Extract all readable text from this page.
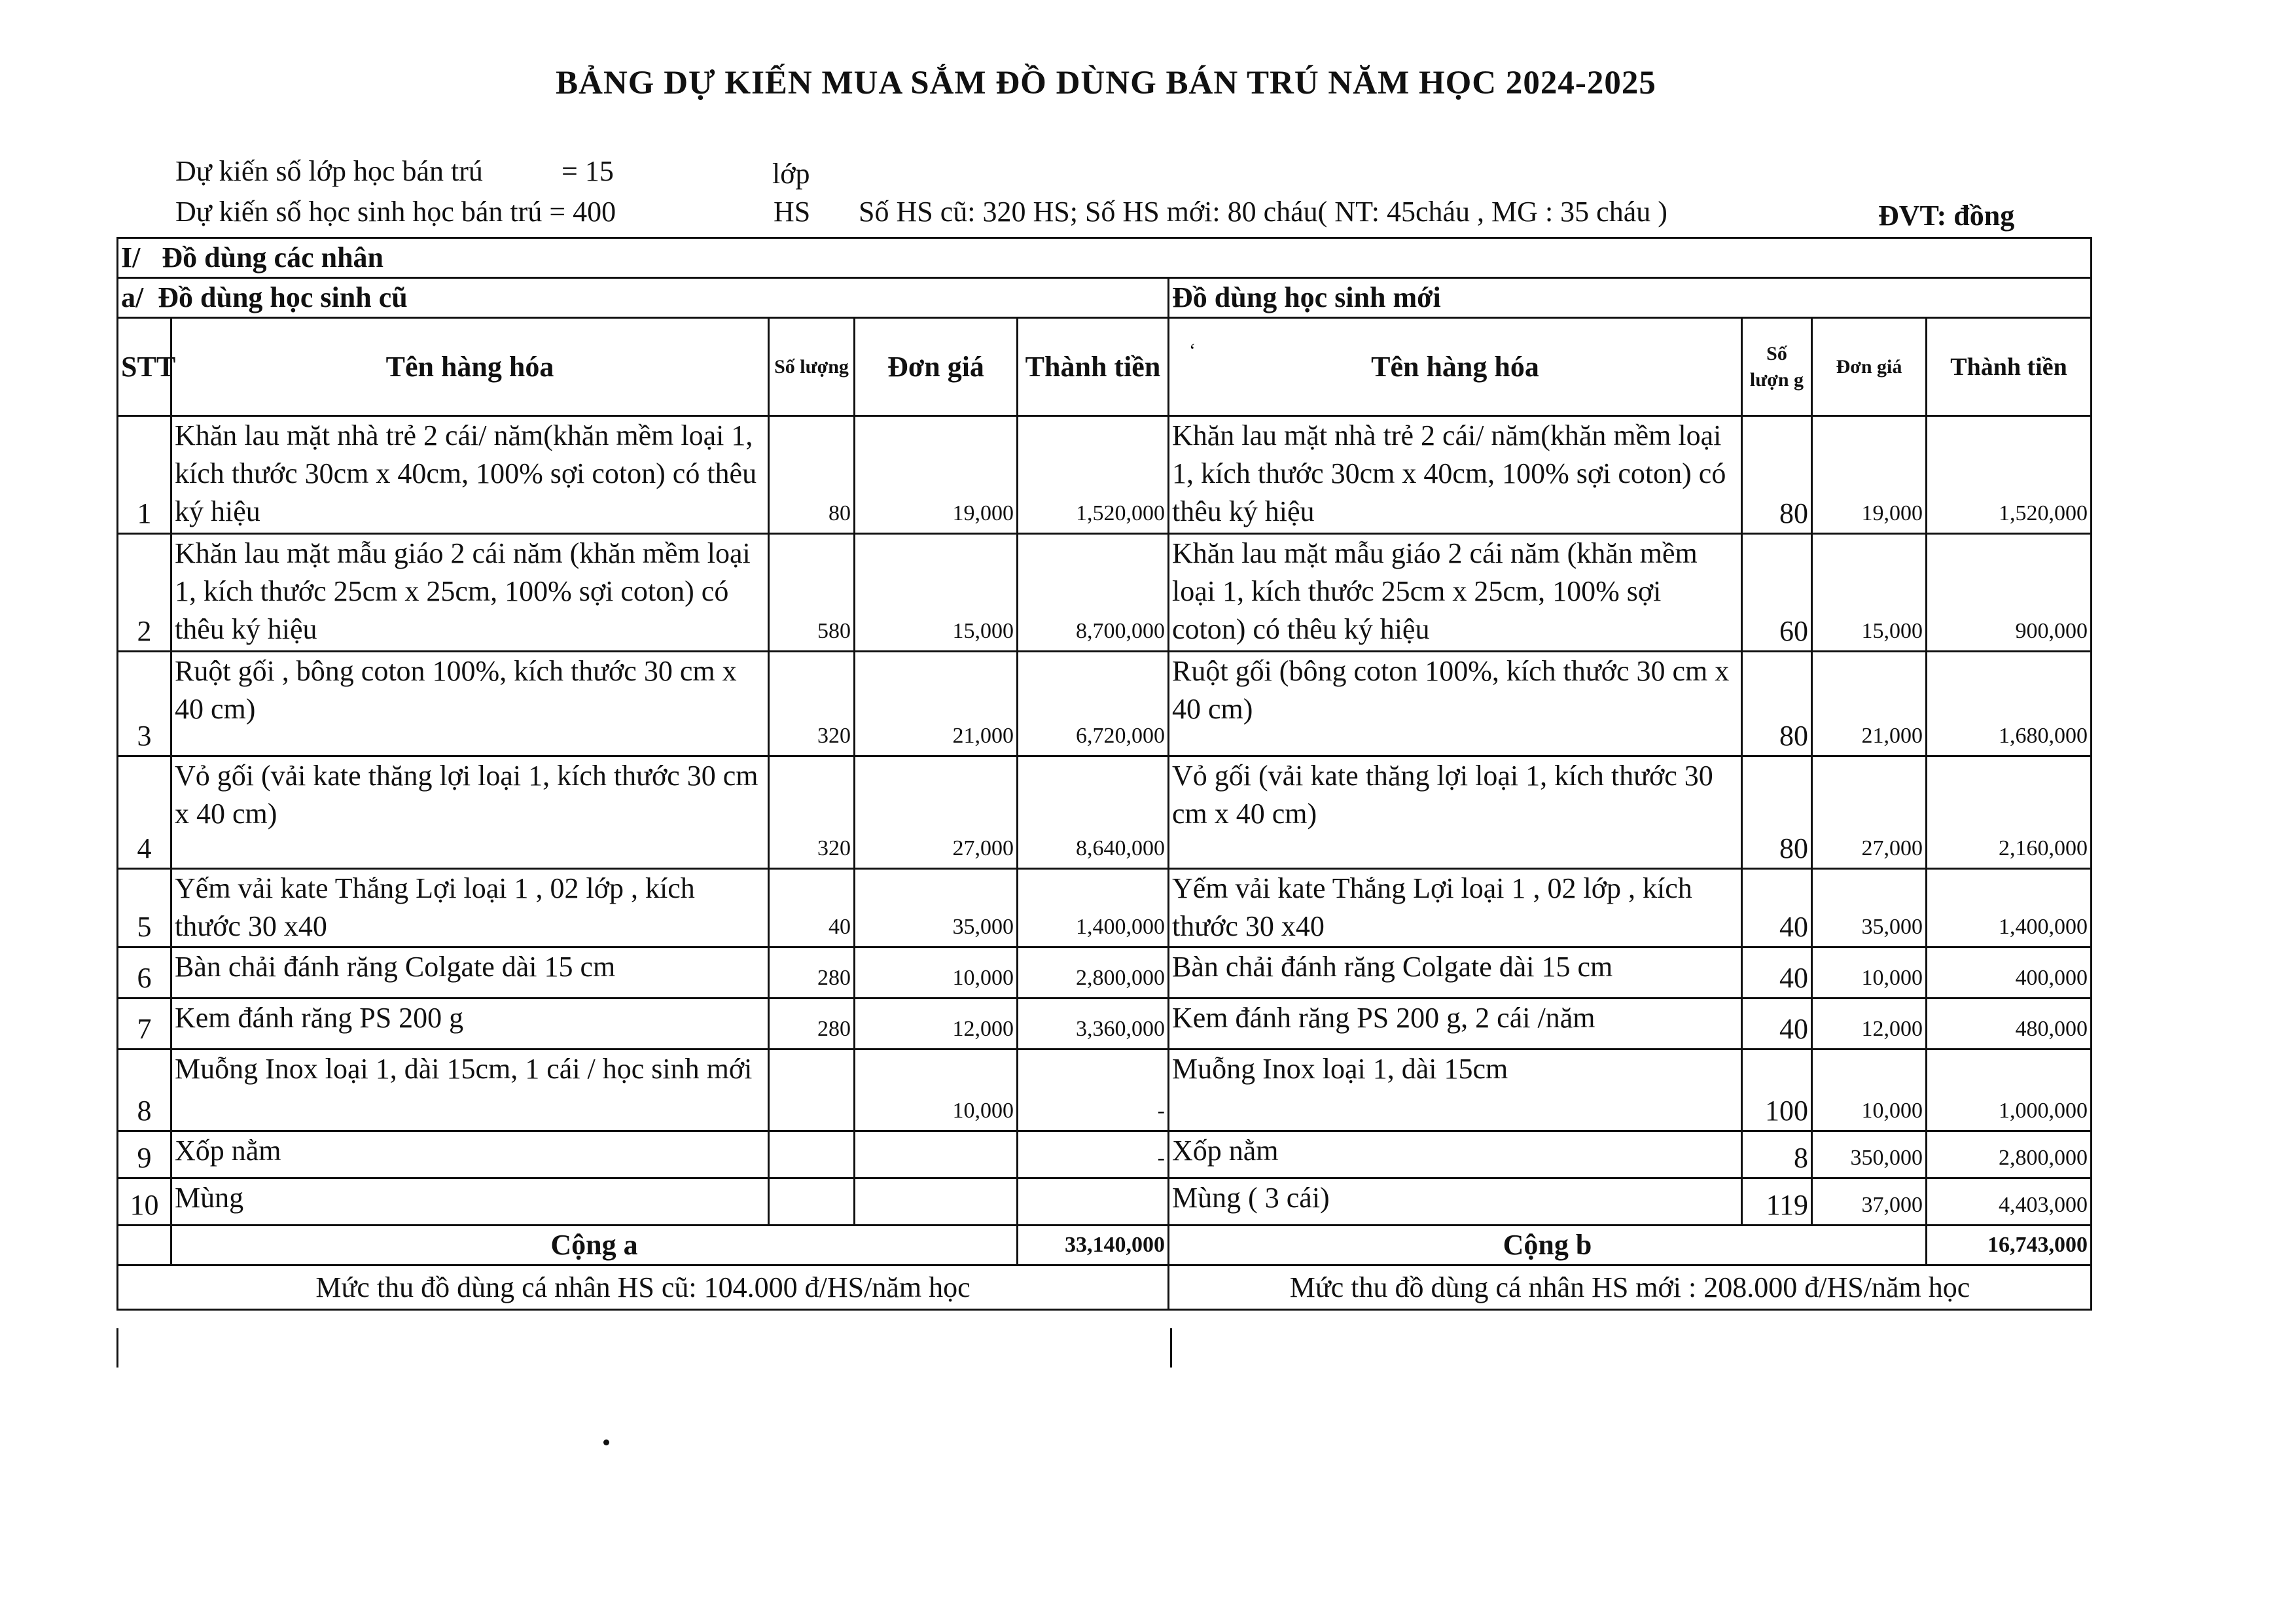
BẢNG DỰ KIẾN MUA SẮM ĐỒ DÙNG BÁN TRÚ NĂM HỌC 2024-2025
Dự kiến số lớp học bán trú	= 15	lớp
Dự kiến số học sinh học bán trú = 400	HS Số HS cũ: 320 HS; Số HS mới: 80 cháu( NT: 45cháu , MG : 35 cháu )	ĐVT: đồng
I/ Đồ dùng các nhân								
a/ Đồ dùng học sinh cũ					Đồ dùng học sinh mới			
STT	Tên hàng hóa	Số lượng	Đơn giá	Thành tiền	‘ Tên hàng hóa	Số lượn g	Đơn giá	Thành tiền
1	Khăn lau mặt nhà trẻ 2 cái/ năm(khăn mềm loại 1, kích thước 30cm x 40cm, 100% sợi coton) có thêu ký hiệu	80	19,000	1,520,000	Khăn lau mặt nhà trẻ 2 cái/ năm(khăn mềm loại 1, kích thước 30cm x 40cm, 100% sợi coton) có thêu ký hiệu	80	19,000	1,520,000
2	Khăn lau mặt mẫu giáo 2 cái năm (khăn mềm loại 1, kích thước 25cm x 25cm, 100% sợi coton) có thêu ký hiệu	580	15,000	8,700,000	Khăn lau mặt mẫu giáo 2 cái năm (khăn mềm loại 1, kích thước 25cm x 25cm, 100% sợi coton) có thêu ký hiệu	60	15,000	900,000
3	Ruột gối , bông coton 100%, kích thước 30 cm x 40 cm)	320	21,000	6,720,000	Ruột gối (bông coton 100%, kích thước 30 cm x 40 cm)	80	21,000	1,680,000
4	Vỏ gối (vải kate thăng lợi loại 1, kích thước 30 cm x 40 cm)	320	27,000	8,640,000	Vỏ gối (vải kate thăng lợi loại 1, kích thước 30 cm x 40 cm)	80	27,000	2,160,000
5	Yếm vải kate Thắng Lợi loại 1 , 02 lớp , kích thước 30 x40	40	35,000	1,400,000	Yếm vải kate Thắng Lợi loại 1 , 02 lớp , kích thước 30 x40	40	35,000	1,400,000
6	Bàn chải đánh răng Colgate dài 15 cm	280	10,000	2,800,000	Bàn chải đánh răng Colgate dài 15 cm	40	10,000	400,000
7	Kem đánh răng PS 200 g	280	12,000	3,360,000	Kem đánh răng PS 200 g, 2 cái /năm	40	12,000	480,000
8	Muỗng Inox loại 1, dài 15cm, 1 cái / học sinh mới		10,000	-	Muỗng Inox loại 1, dài 15cm	100	10,000	1,000,000
9	Xốp nằm			-	Xốp nằm	8	350,000	2,800,000
10	Mùng				Mùng ( 3 cái)	119	37,000	4,403,000
	Cộng a			33,140,000	Cộng b			16,743,000
Mức thu đồ dùng cá nhân HS cũ: 104.000 đ/HS/năm học					Mức thu đồ dùng cá nhân HS mới : 208.000 đ/HS/năm học			
